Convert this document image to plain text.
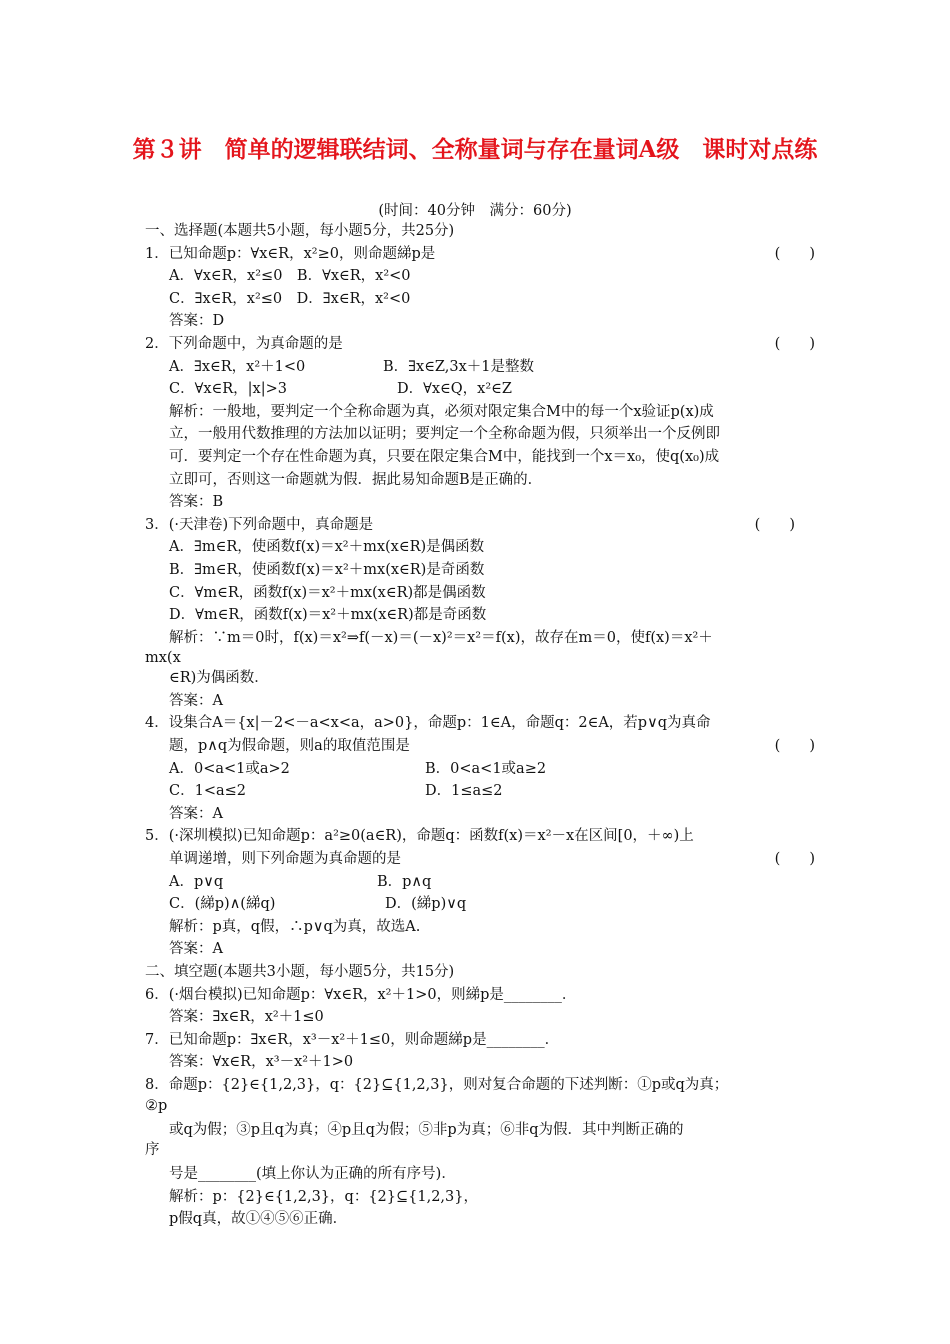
第３讲　简单的逻辑联结词、全称量词与存在量词A级　课时对点练
(时间：40分钟　满分：60分)
一、选择题(本题共5小题，每小题5分，共25分)
1．已知命题p：∀x∈R，x²≥0，则命题綈p是	(　　)
A．∀x∈R，x²≤0　B．∀x∈R，x²<0
C．∃x∈R，x²≤0　D．∃x∈R，x²<0
答案：D
2．下列命题中，为真命题的是	(　　)
A．∃x∈R，x²＋1<0	B．∃x∈Z,3x＋1是整数
C．∀x∈R，|x|>3	D．∀x∈Q，x²∈Z
解析：一般地，要判定一个全称命题为真，必须对限定集合M中的每一个x验证p(x)成
立，一般用代数推理的方法加以证明；要判定一个全称命题为假，只须举出一个反例即
可．要判定一个存在性命题为真，只要在限定集合M中，能找到一个x＝x₀，使q(x₀)成
立即可，否则这一命题就为假．据此易知命题B是正确的．
答案：B
3．(·天津卷)下列命题中，真命题是	(　　)
A．∃m∈R，使函数f(x)＝x²＋mx(x∈R)是偶函数
B．∃m∈R，使函数f(x)＝x²＋mx(x∈R)是奇函数
C．∀m∈R，函数f(x)＝x²＋mx(x∈R)都是偶函数
D．∀m∈R，函数f(x)＝x²＋mx(x∈R)都是奇函数
解析：∵m＝0时，f(x)＝x²⇒f(－x)＝(－x)²＝x²＝f(x)，故存在m＝0，使f(x)＝x²＋
mx(x
∈R)为偶函数．
答案：A
4．设集合A＝{x|－2<－a<x<a，a>0}，命题p：1∈A，命题q：2∈A，若p∨q为真命
题，p∧q为假命题，则a的取值范围是	(　　)
A．0<a<1或a>2	B．0<a<1或a≥2
C．1<a≤2	D．1≤a≤2
答案：A
5．(·深圳模拟)已知命题p：a²≥0(a∈R)，命题q：函数f(x)＝x²－x在区间[0，＋∞)上
单调递增，则下列命题为真命题的是	(　　)
A．p∨q	B．p∧q
C．(綈p)∧(綈q)	D．(綈p)∨q
解析：p真，q假，∴p∨q为真，故选A.
答案：A
二、填空题(本题共3小题，每小题5分，共15分)
6．(·烟台模拟)已知命题p：∀x∈R，x²＋1>0，则綈p是________．
答案：∃x∈R，x²＋1≤0
7．已知命题p：∃x∈R，x³－x²＋1≤0，则命题綈p是________．
答案：∀x∈R，x³－x²＋1>0
8．命题p：{2}∈{1,2,3}，q：{2}⊆{1,2,3}，则对复合命题的下述判断：①p或q为真；
②p
或q为假；③p且q为真；④p且q为假；⑤非p为真；⑥非q为假．其中判断正确的
序
号是________(填上你认为正确的所有序号)．
解析：p：{2}∈{1,2,3}，q：{2}⊆{1,2,3}，
p假q真，故①④⑤⑥正确．
